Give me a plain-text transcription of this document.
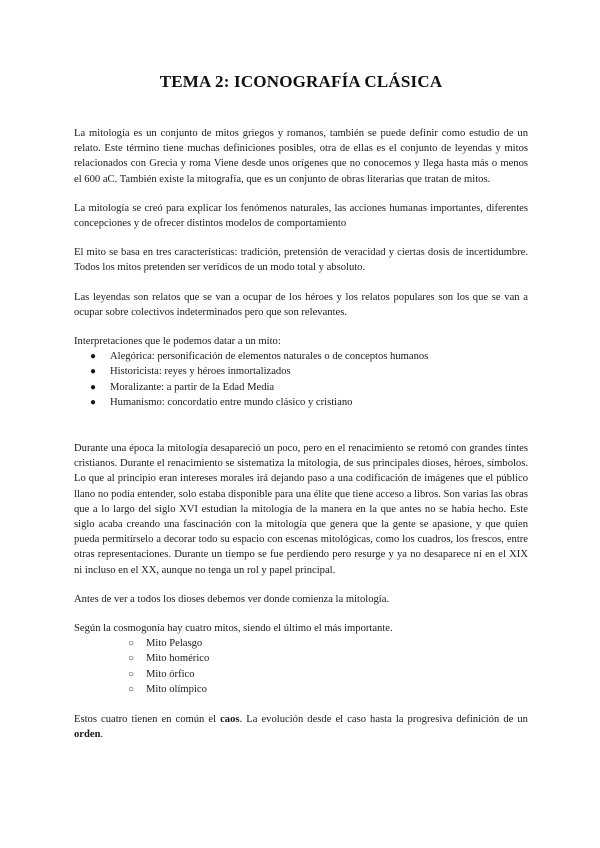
TEMA 2: ICONOGRAFÍA CLÁSICA

La mitología es un conjunto de mitos griegos y romanos, también se puede definir como estudio de un relato. Este término tiene muchas definiciones posibles, otra de ellas es el conjunto de leyendas y mitos relacionados con Grecia y roma Viene desde unos orígenes que no conocemos y llega hasta más o menos el 600 aC. También existe la mitografía, que es un conjunto de obras literarias que tratan de mitos.

La mitología se creó para explicar los fenómenos naturales, las acciones humanas importantes, diferentes concepciones y de ofrecer distintos modelos de comportamiento

El mito se basa en tres características: tradición, pretensión de veracidad y ciertas dosis de incertidumbre. Todos los mitos pretenden ser verídicos de un modo total y absoluto.

Las leyendas son relatos que se van a ocupar de los héroes y los relatos populares son los que se van a ocupar sobre colectivos indeterminados pero que son relevantes.

Interpretaciones que le podemos datar a un mito:

● Alegórica: personificación de elementos naturales o de conceptos humanos
● Historicista: reyes y héroes inmortalizados
● Moralizante: a partir de la Edad Media
● Humanismo: concordatio entre mundo clásico y cristiano

Durante una época la mitología desapareció un poco, pero en el renacimiento se retomó con grandes tintes cristianos. Durante el renacimiento se sistematiza la mitología, de sus principales dioses, héroes, símbolos. Lo que al principio eran intereses morales irá dejando paso a una codificación de imágenes que el público llano no podía entender, solo estaba disponible para una élite que tiene acceso a libros. Son varias las obras que a lo largo del siglo XVI estudian la mitología de la manera en la que antes no se había hecho. Este siglo acaba creando una fascinación con la mitología que genera que la gente se apasione, y que quien pueda permitírselo a decorar todo su espacio con escenas mitológicas, como los cuadros, los frescos, entre otras representaciones. Durante un tiempo se fue perdiendo pero resurge y ya no desaparece ni en el XIX ni incluso en el XX, aunque no tenga un rol y papel principal.

Antes de ver a todos los dioses debemos ver donde comienza la mitología.

Según la cosmogonía hay cuatro mitos, siendo el último el más importante.

○ Mito Pelasgo
○ Mito homérico
○ Mito órfico
○ Mito olímpico

Estos cuatro tienen en común el caos. La evolución desde el caso hasta la progresiva definición de un orden.
